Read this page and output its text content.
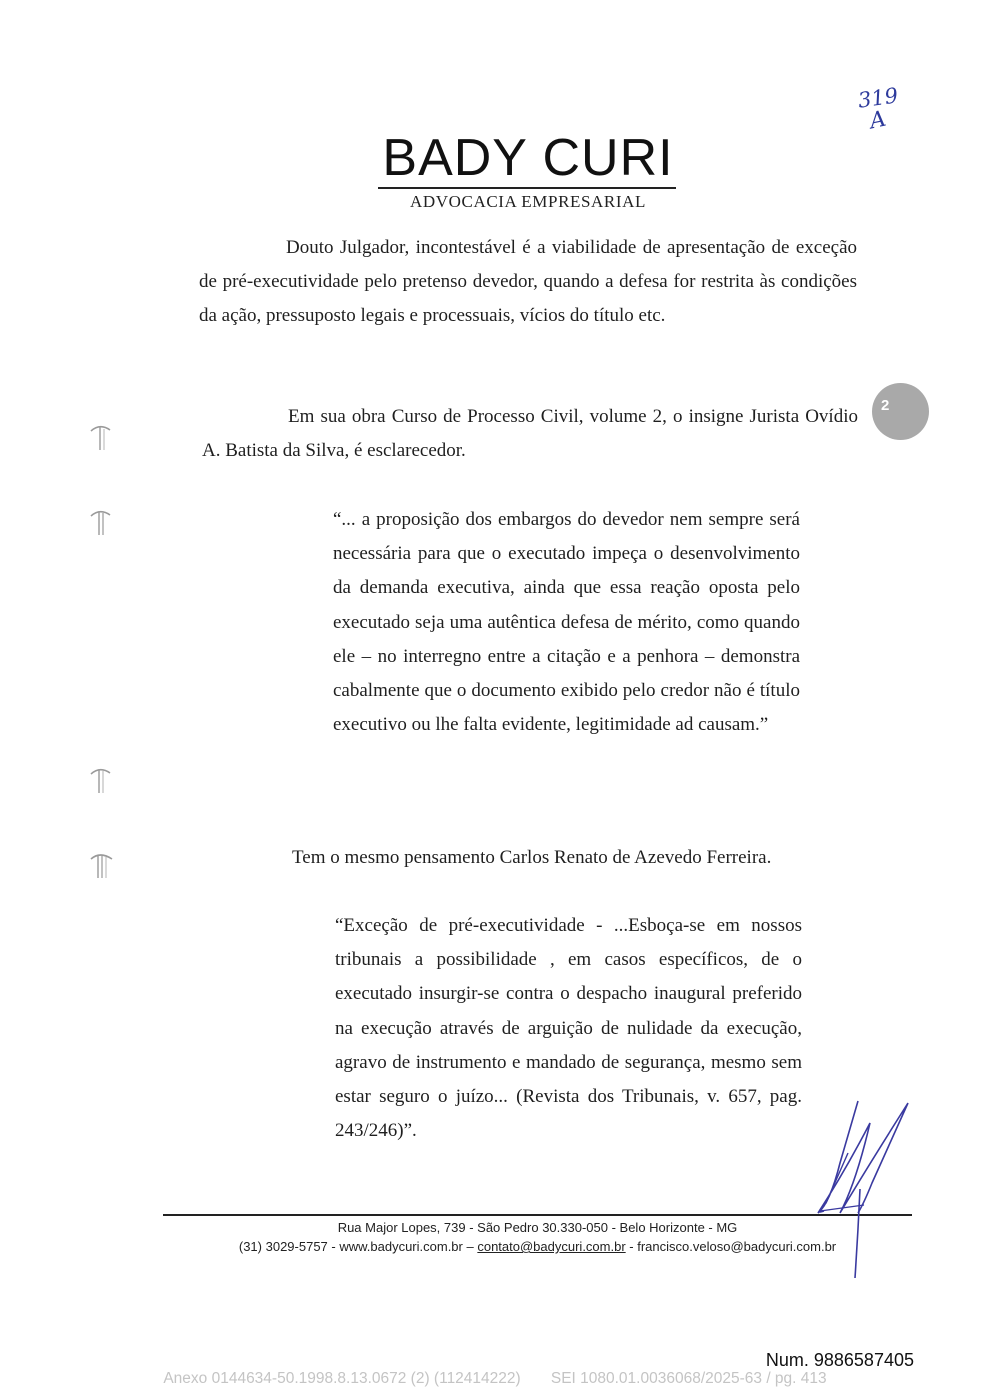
319
A
BADY CURI
ADVOCACIA EMPRESARIAL
Douto Julgador, incontestável é a viabilidade de apresentação de exceção de pré-executividade pelo pretenso devedor, quando a defesa for restrita às condições da ação, pressuposto legais e processuais, vícios do título etc.
Em sua obra Curso de Processo Civil, volume 2, o insigne Jurista Ovídio A. Batista da Silva, é esclarecedor.
2
“... a proposição dos embargos do devedor nem sempre será necessária para que o executado impeça o desenvolvimento da demanda executiva, ainda que essa reação oposta pelo executado seja uma autêntica defesa de mérito, como quando ele – no interregno entre a citação e a penhora – demonstra cabalmente que o documento exibido pelo credor não é título executivo ou lhe falta evidente, legitimidade ad causam.”
Tem o mesmo pensamento Carlos Renato de Azevedo Ferreira.
“Exceção de pré-executividade - ...Esboça-se em nossos tribunais a possibilidade , em casos específicos, de o executado insurgir-se contra o despacho inaugural preferido na execução através de arguição de nulidade da execução, agravo de instrumento e mandado de segurança, mesmo sem estar seguro o juízo... (Revista dos Tribunais, v. 657, pag. 243/246)”.
Rua Major Lopes, 739 - São Pedro 30.330-050 - Belo Horizonte - MG
(31) 3029-5757 - www.badycuri.com.br – contato@badycuri.com.br - francisco.veloso@badycuri.com.br
Num. 9886587405
Anexo 0144634-50.1998.8.13.0672 (2) (112414222) SEI 1080.01.0036068/2025-63 / pg. 413
